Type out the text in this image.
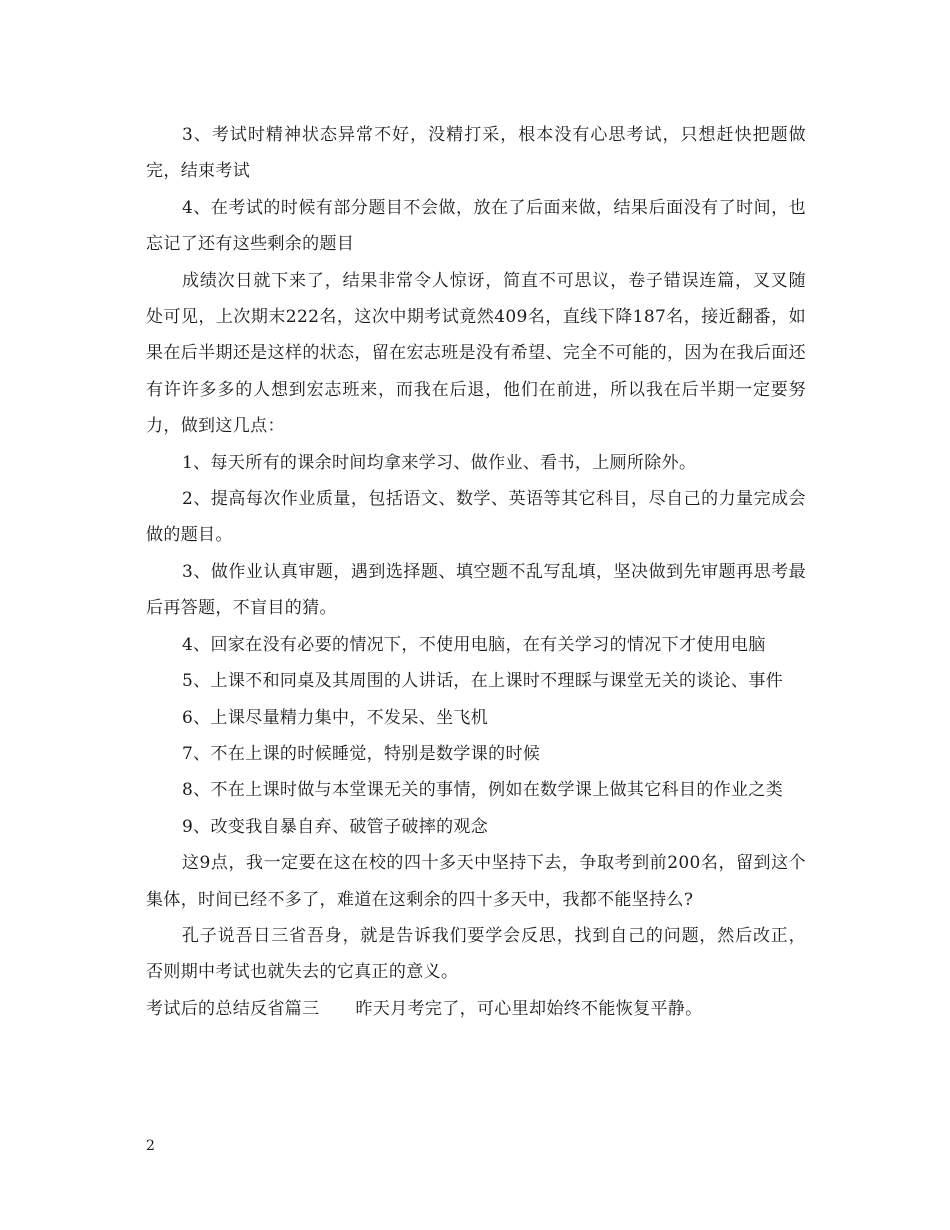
3、考试时精神状态异常不好，没精打采，根本没有心思考试，只想赶快把题做完，结束考试

4、在考试的时候有部分题目不会做，放在了后面来做，结果后面没有了时间，也忘记了还有这些剩余的题目

成绩次日就下来了，结果非常令人惊讶，简直不可思议，卷子错误连篇，叉叉随处可见，上次期末222名，这次中期考试竟然409名，直线下降187名，接近翻番，如果在后半期还是这样的状态，留在宏志班是没有希望、完全不可能的，因为在我后面还有许许多多的人想到宏志班来，而我在后退，他们在前进，所以我在后半期一定要努力，做到这几点：

1、每天所有的课余时间均拿来学习、做作业、看书，上厕所除外。

2、提高每次作业质量，包括语文、数学、英语等其它科目，尽自己的力量完成会做的题目。

3、做作业认真审题，遇到选择题、填空题不乱写乱填，坚决做到先审题再思考最后再答题，不盲目的猜。

4、回家在没有必要的情况下，不使用电脑，在有关学习的情况下才使用电脑

5、上课不和同桌及其周围的人讲话，在上课时不理睬与课堂无关的谈论、事件

6、上课尽量精力集中，不发呆、坐飞机

7、不在上课的时候睡觉，特别是数学课的时候

8、不在上课时做与本堂课无关的事情，例如在数学课上做其它科目的作业之类

9、改变我自暴自弃、破管子破摔的观念

这9点，我一定要在这在校的四十多天中坚持下去，争取考到前200名，留到这个集体，时间已经不多了，难道在这剩余的四十多天中，我都不能坚持么?

孔子说吾日三省吾身，就是告诉我们要学会反思，找到自己的问题，然后改正，否则期中考试也就失去的它真正的意义。

考试后的总结反省篇三 昨天月考完了，可心里却始终不能恢复平静。

2
